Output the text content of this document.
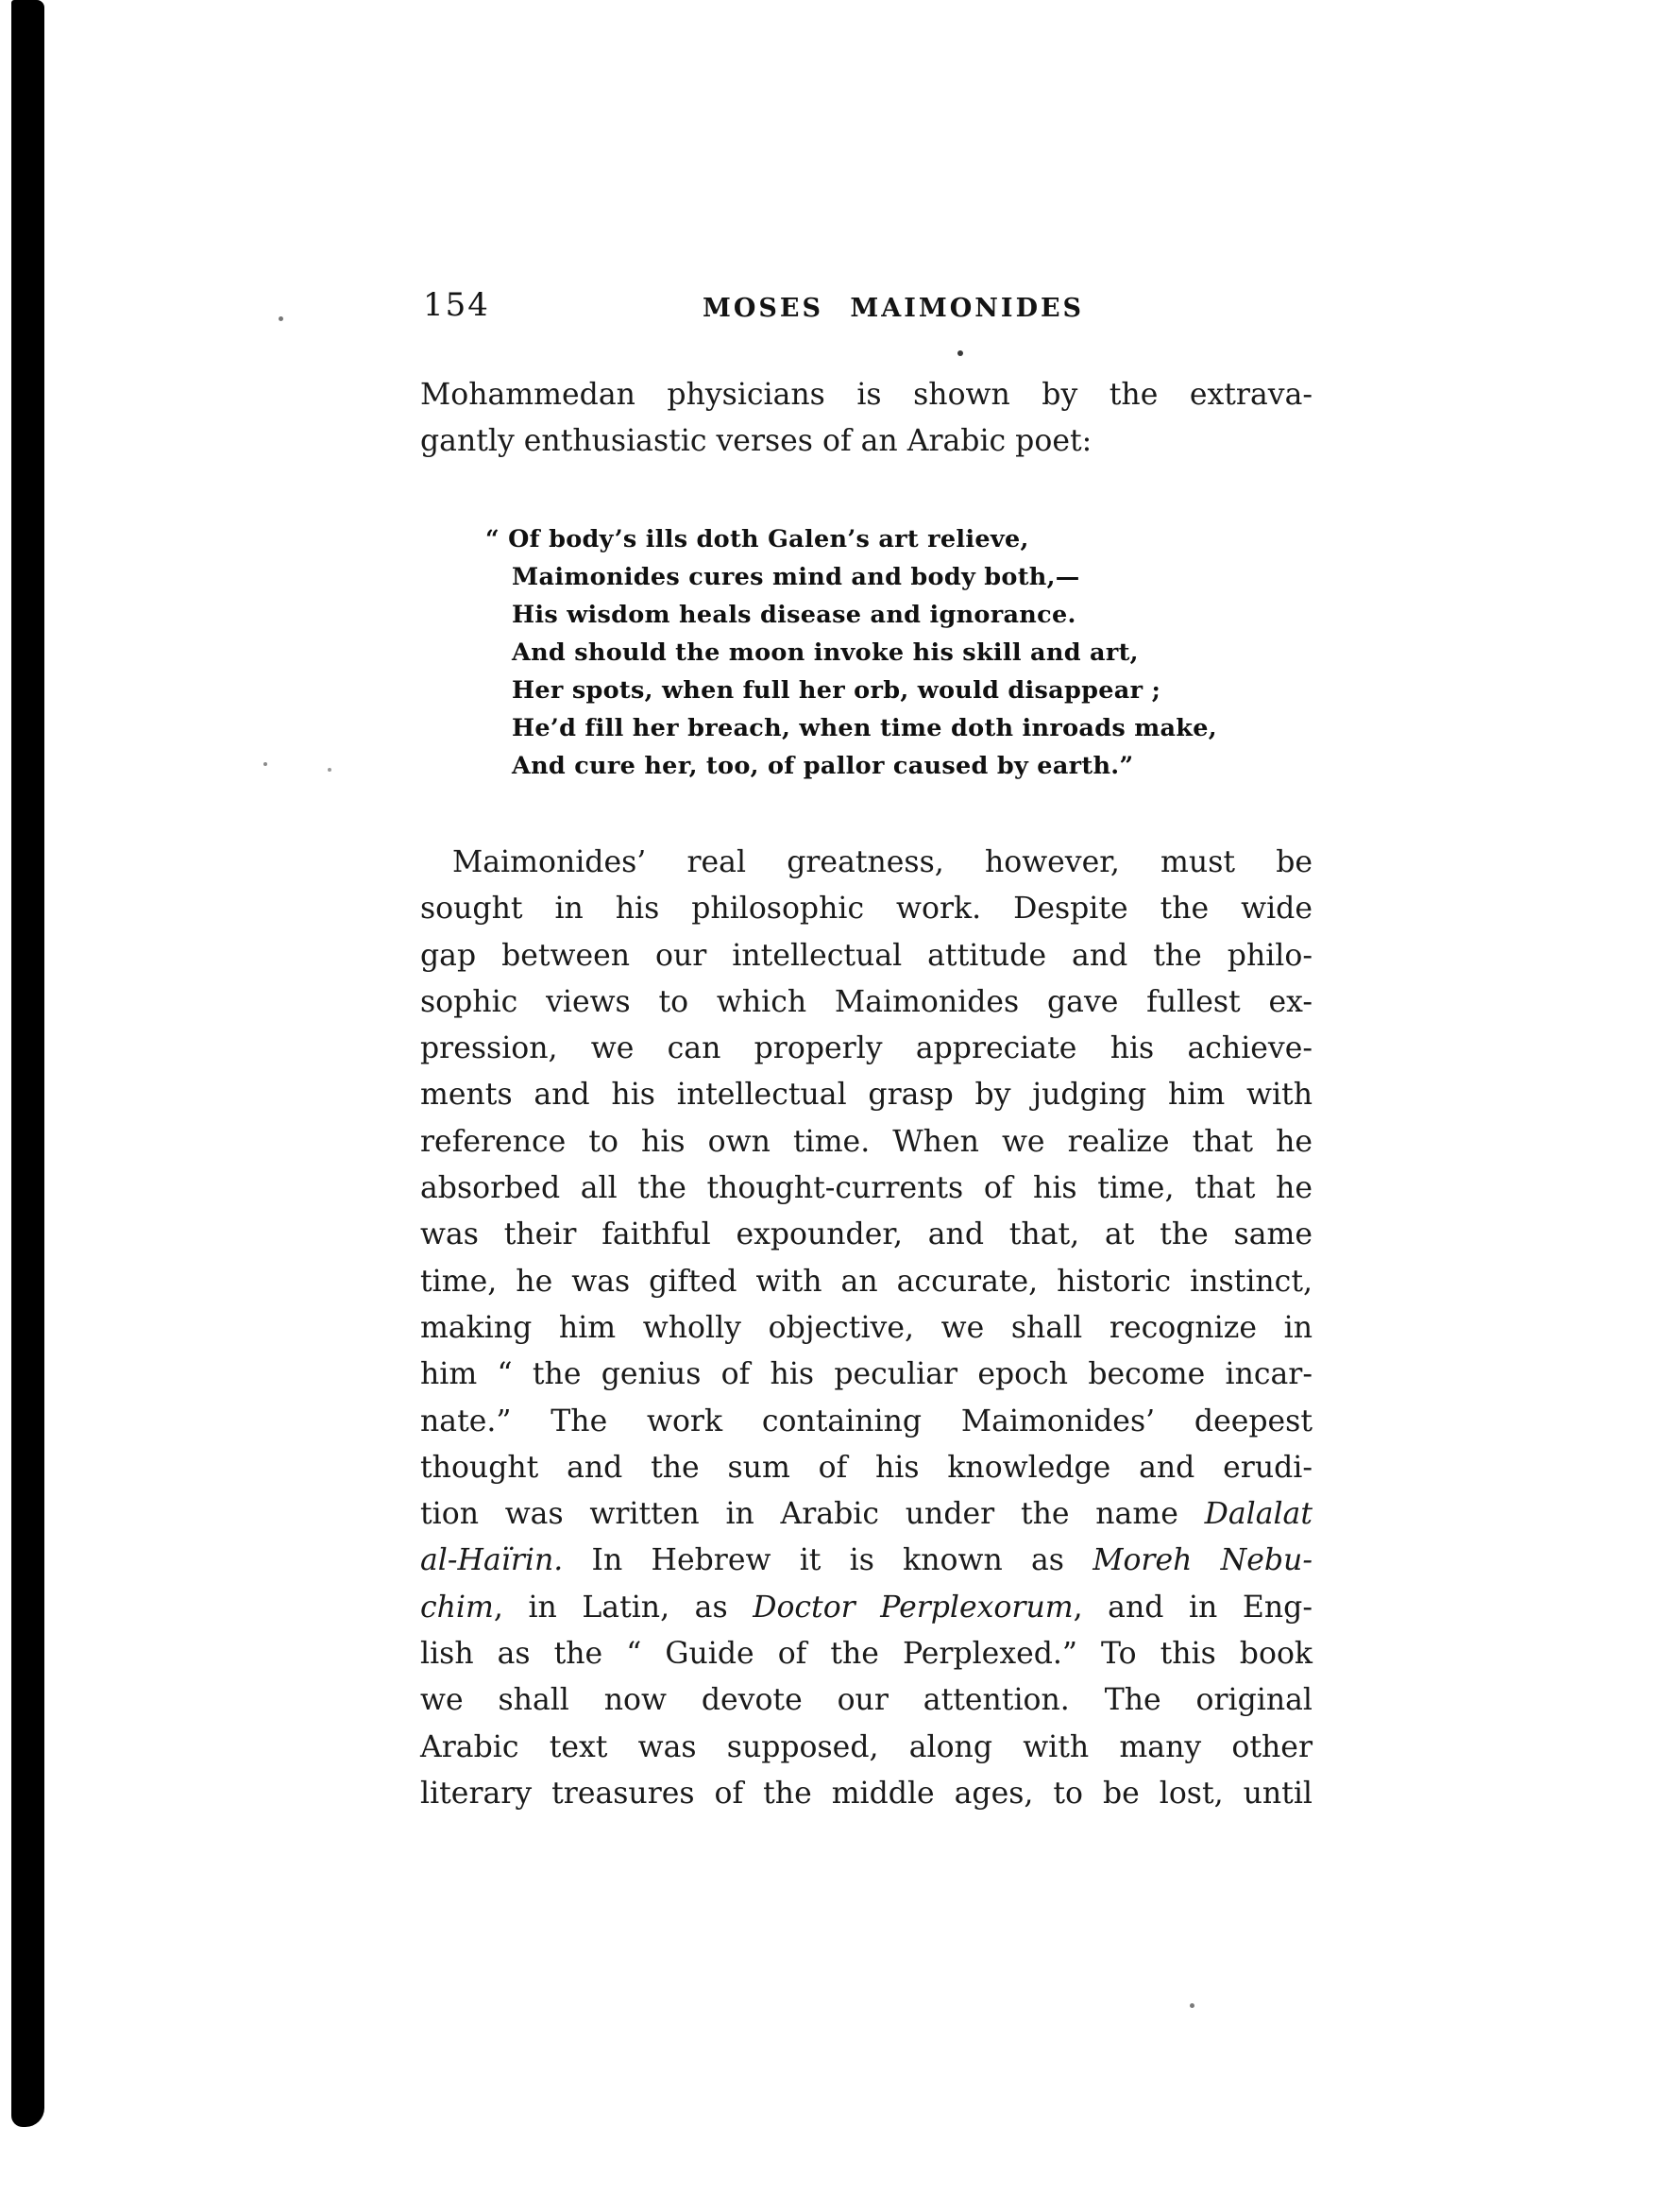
154	MOSES MAIMONIDES
Mohammedan physicians is shown by the extrava-
gantly enthusiastic verses of an Arabic poet:
“ Of body’s ills doth Galen’s art relieve,
Maimonides cures mind and body both,—
His wisdom heals disease and ignorance.
And should the moon invoke his skill and art,
Her spots, when full her orb, would disappear ;
He’d fill her breach, when time doth inroads make,
And cure her, too, of pallor caused by earth.”
Maimonides’ real greatness, however, must be
sought in his philosophic work. Despite the wide
gap between our intellectual attitude and the philo-
sophic views to which Maimonides gave fullest ex-
pression, we can properly appreciate his achieve-
ments and his intellectual grasp by judging him with
reference to his own time. When we realize that he
absorbed all the thought-currents of his time, that he
was their faithful expounder, and that, at the same
time, he was gifted with an accurate, historic instinct,
making him wholly objective, we shall recognize in
him “ the genius of his peculiar epoch become incar-
nate.” The work containing Maimonides’ deepest
thought and the sum of his knowledge and erudi-
tion was written in Arabic under the name Dalalat
al-Haïrin. In Hebrew it is known as Moreh Nebu-
chim, in Latin, as Doctor Perplexorum, and in Eng-
lish as the “ Guide of the Perplexed.” To this book
we shall now devote our attention. The original
Arabic text was supposed, along with many other
literary treasures of the middle ages, to be lost, until
